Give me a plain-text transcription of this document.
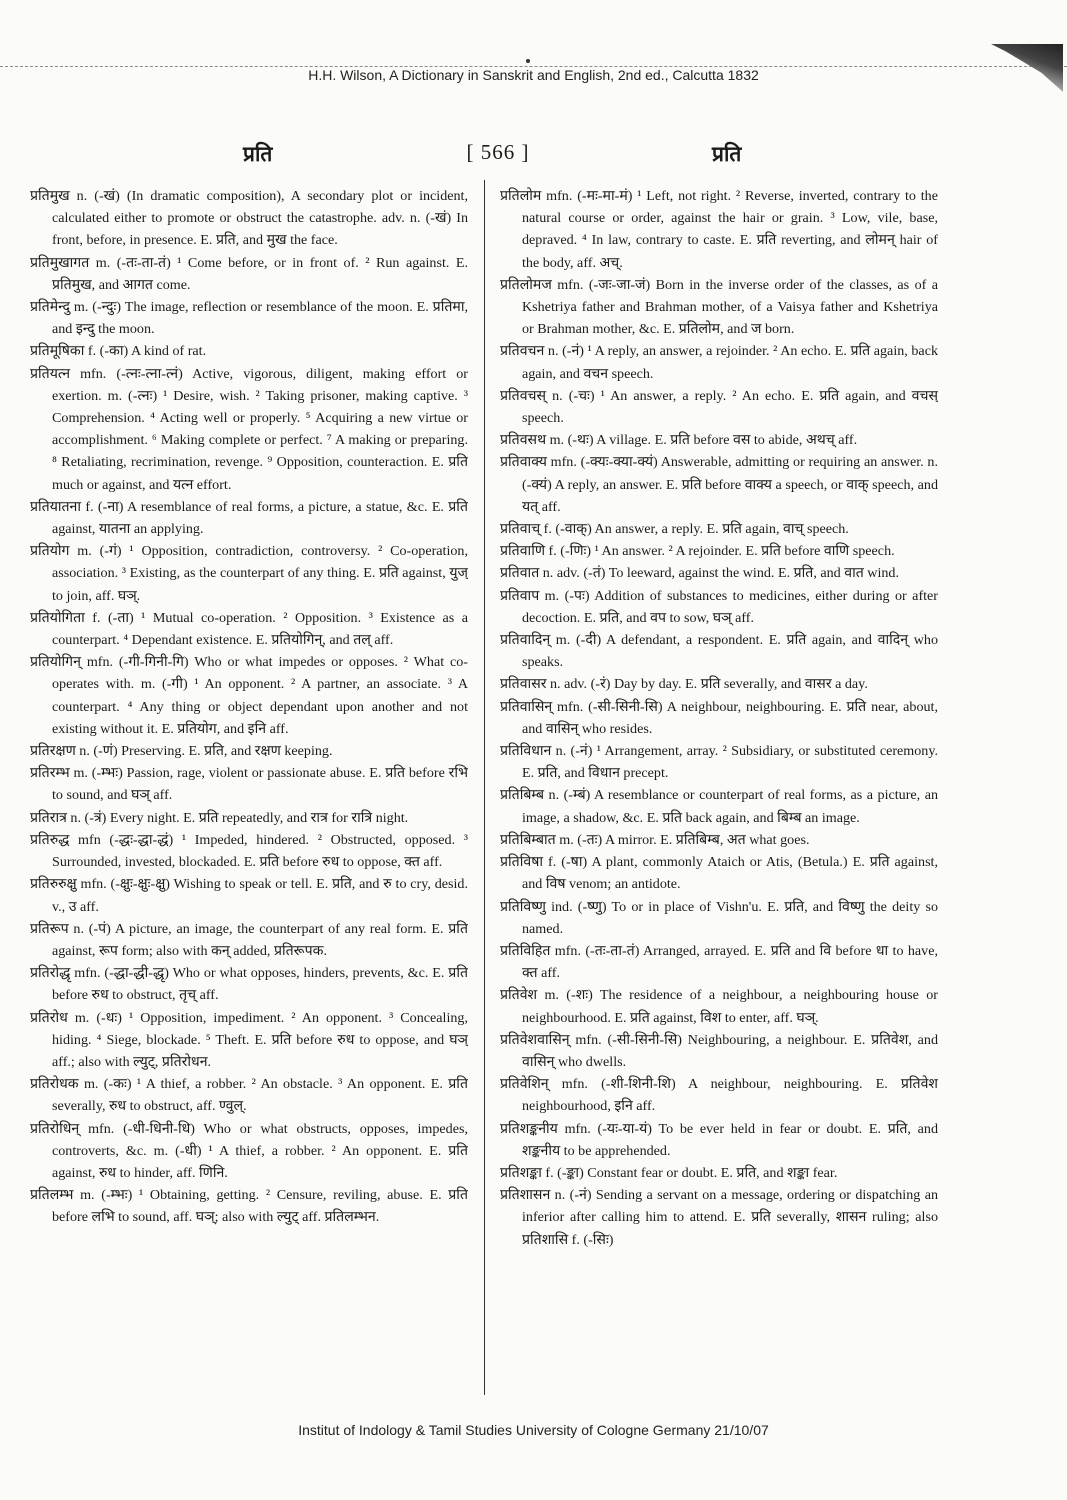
H.H. Wilson, A Dictionary in Sanskrit and English, 2nd ed., Calcutta 1832
प्रति	[ 566 ]	प्रति

प्रतिमुख n. (-खं) (In dramatic composition), A secondary plot or incident, calculated either to promote or obstruct the catastrophe. adv. n. (-खं) In front, before, in presence. E. प्रति, and मुख the face.

प्रतिमुखागत m. (-तः-ता-तं) ¹ Come before, or in front of. ² Run against. E. प्रतिमुख, and आगत come.

प्रतिमेन्दु m. (-न्दुः) The image, reflection or resemblance of the moon. E. प्रतिमा, and इन्दु the moon.

प्रतिमूषिका f. (-का) A kind of rat.

प्रतियत्न mfn. (-त्नः-त्ना-त्नं) Active, vigorous, diligent, making effort or exertion. m. (-त्नः) ¹ Desire, wish. ² Taking prisoner, making captive. ³ Comprehension. ⁴ Acting well or properly. ⁵ Acquiring a new virtue or accomplishment. ⁶ Making complete or perfect. ⁷ A making or preparing. ⁸ Retaliating, recrimination, revenge. ⁹ Opposition, counteraction. E. प्रति much or against, and यत्न effort.

प्रतियातना f. (-ना) A resemblance of real forms, a picture, a statue, &c. E. प्रति against, यातना an applying.

प्रतियोग m. (-गं) ¹ Opposition, contradiction, controversy. ² Co-operation, association. ³ Existing, as the counterpart of any thing. E. प्रति against, युज् to join, aff. घञ्.

प्रतियोगिता f. (-ता) ¹ Mutual co-operation. ² Opposition. ³ Existence as a counterpart. ⁴ Dependant existence. E. प्रतियोगिन्, and तल् aff.

प्रतियोगिन् mfn. (-गी-गिनी-गि) Who or what impedes or opposes. ² What co-operates with. m. (-गी) ¹ An opponent. ² A partner, an associate. ³ A counterpart. ⁴ Any thing or object dependant upon another and not existing without it. E. प्रतियोग, and इनि aff.

प्रतिरक्षण n. (-णं) Preserving. E. प्रति, and रक्षण keeping.

प्रतिरम्भ m. (-म्भः) Passion, rage, violent or passionate abuse. E. प्रति before रभि to sound, and घञ् aff.

प्रतिरात्र n. (-त्रं) Every night. E. प्रति repeatedly, and रात्र for रात्रि night.

प्रतिरुद्ध mfn (-द्धः-द्धा-द्धं) ¹ Impeded, hindered. ² Obstructed, opposed. ³ Surrounded, invested, blockaded. E. प्रति before रुध to oppose, क्त aff.

प्रतिरुरुक्षु mfn. (-क्षुः-क्षुः-क्षु) Wishing to speak or tell. E. प्रति, and रु to cry, desid. v., उ aff.

प्रतिरूप n. (-पं) A picture, an image, the counterpart of any real form. E. प्रति against, रूप form; also with कन् added, प्रतिरूपक.

प्रतिरोद्धृ mfn. (-द्धा-द्धी-द्धृ) Who or what opposes, hinders, prevents, &c. E. प्रति before रुध to obstruct, तृच् aff.

प्रतिरोध m. (-धः) ¹ Opposition, impediment. ² An opponent. ³ Concealing, hiding. ⁴ Siege, blockade. ⁵ Theft. E. प्रति before रुध to oppose, and घञ् aff.; also with ल्युट्, प्रतिरोधन.

प्रतिरोधक m. (-कः) ¹ A thief, a robber. ² An obstacle. ³ An opponent. E. प्रति severally, रुध to obstruct, aff. ण्वुल्.

प्रतिरोधिन् mfn. (-धी-धिनी-धि) Who or what obstructs, opposes, impedes, controverts, &c. m. (-धी) ¹ A thief, a robber. ² An opponent. E. प्रति against, रुध to hinder, aff. णिनि.

प्रतिलम्भ m. (-म्भः) ¹ Obtaining, getting. ² Censure, reviling, abuse. E. प्रति before लभि to sound, aff. घञ्; also with ल्युट् aff. प्रतिलम्भन.

प्रतिलोम mfn. (-मः-मा-मं) ¹ Left, not right. ² Reverse, inverted, contrary to the natural course or order, against the hair or grain. ³ Low, vile, base, depraved. ⁴ In law, contrary to caste. E. प्रति reverting, and लोमन् hair of the body, aff. अच्.

प्रतिलोमज mfn. (-जः-जा-जं) Born in the inverse order of the classes, as of a Kshetriya father and Brahman mother, of a Vaisya father and Kshetriya or Brahman mother, &c. E. प्रतिलोम, and ज born.

प्रतिवचन n. (-नं) ¹ A reply, an answer, a rejoinder. ² An echo. E. प्रति again, back again, and वचन speech.

प्रतिवचस् n. (-चः) ¹ An answer, a reply. ² An echo. E. प्रति again, and वचस् speech.

प्रतिवसथ m. (-थः) A village. E. प्रति before वस to abide, अथच् aff.

प्रतिवाक्य mfn. (-क्यः-क्या-क्यं) Answerable, admitting or requiring an answer. n. (-क्यं) A reply, an answer. E. प्रति before वाक्य a speech, or वाक् speech, and यत् aff.

प्रतिवाच् f. (-वाक्) An answer, a reply. E. प्रति again, वाच् speech.

प्रतिवाणि f. (-णिः) ¹ An answer. ² A rejoinder. E. प्रति before वाणि speech.

प्रतिवात n. adv. (-तं) To leeward, against the wind. E. प्रति, and वात wind.

प्रतिवाप m. (-पः) Addition of substances to medicines, either during or after decoction. E. प्रति, and वप to sow, घञ् aff.

प्रतिवादिन् m. (-दी) A defendant, a respondent. E. प्रति again, and वादिन् who speaks.

प्रतिवासर n. adv. (-रं) Day by day. E. प्रति severally, and वासर a day.

प्रतिवासिन् mfn. (-सी-सिनी-सि) A neighbour, neighbouring. E. प्रति near, about, and वासिन् who resides.

प्रतिविधान n. (-नं) ¹ Arrangement, array. ² Subsidiary, or substituted ceremony. E. प्रति, and विधान precept.

प्रतिबिम्ब n. (-म्बं) A resemblance or counterpart of real forms, as a picture, an image, a shadow, &c. E. प्रति back again, and बिम्ब an image.

प्रतिबिम्बात m. (-तः) A mirror. E. प्रतिबिम्ब, अत what goes.

प्रतिविषा f. (-षा) A plant, commonly Ataich or Atis, (Betula.) E. प्रति against, and विष venom; an antidote.

प्रतिविष्णु ind. (-ष्णु) To or in place of Vishn'u. E. प्रति, and विष्णु the deity so named.

प्रतिविहित mfn. (-तः-ता-तं) Arranged, arrayed. E. प्रति and वि before धा to have, क्त aff.

प्रतिवेश m. (-शः) The residence of a neighbour, a neighbouring house or neighbourhood. E. प्रति against, विश to enter, aff. घञ्.

प्रतिवेशवासिन् mfn. (-सी-सिनी-सि) Neighbouring, a neighbour. E. प्रतिवेश, and वासिन् who dwells.

प्रतिवेशिन् mfn. (-शी-शिनी-शि) A neighbour, neighbouring. E. प्रतिवेश neighbourhood, इनि aff.

प्रतिशङ्कनीय mfn. (-यः-या-यं) To be ever held in fear or doubt. E. प्रति, and शङ्कनीय to be apprehended.

प्रतिशङ्का f. (-ङ्का) Constant fear or doubt. E. प्रति, and शङ्का fear.

प्रतिशासन n. (-नं) Sending a servant on a message, ordering or dispatching an inferior after calling him to attend. E. प्रति severally, शासन ruling; also प्रतिशासि f. (-सिः)

Institut of Indology & Tamil Studies University of Cologne Germany 21/10/07
